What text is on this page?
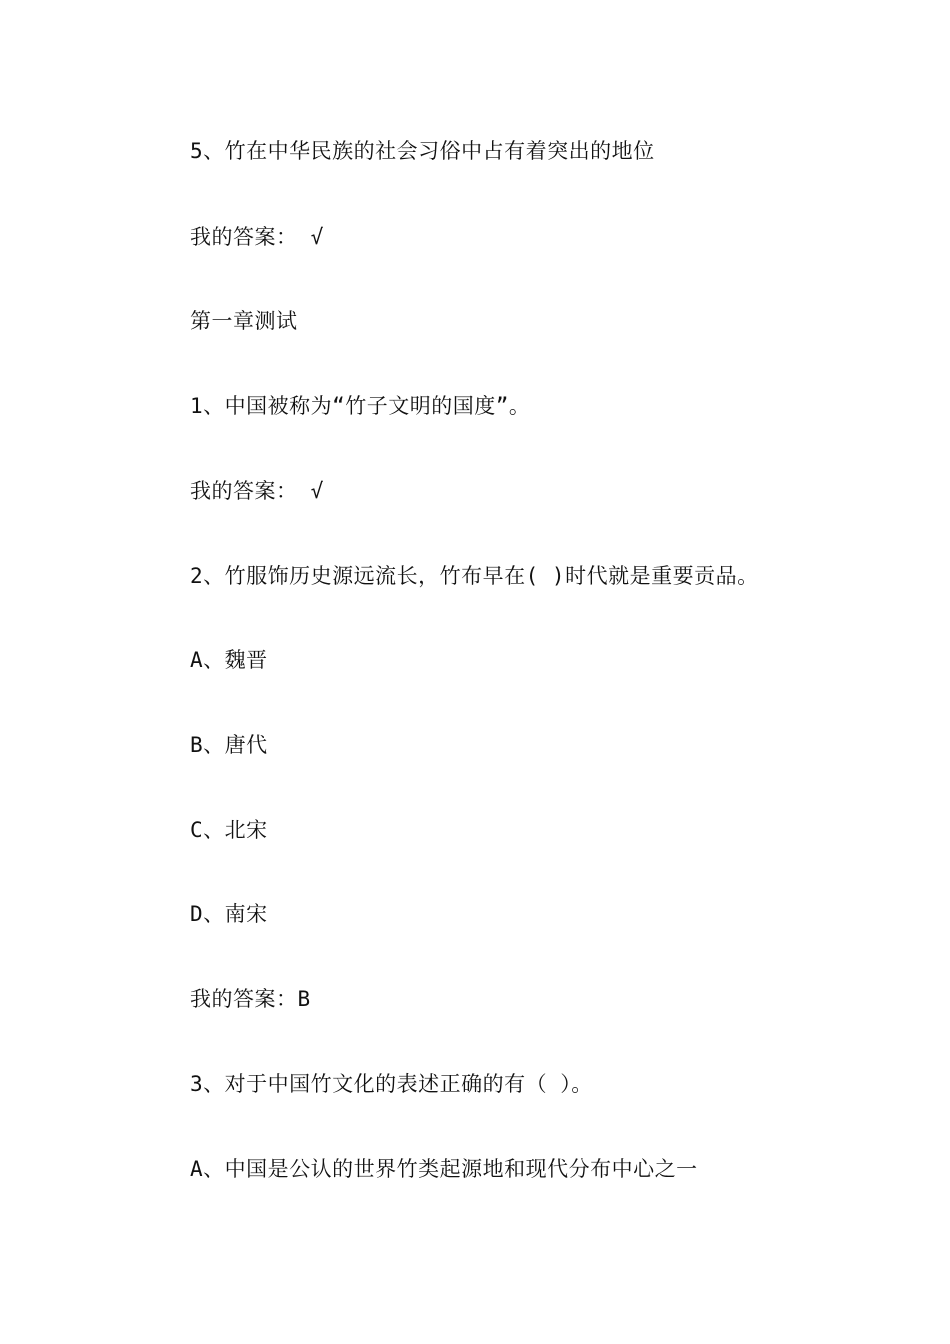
5、竹在中华民族的社会习俗中占有着突出的地位
我的答案： √
第一章测试
1、中国被称为“竹子文明的国度”。
我的答案： √
2、竹服饰历史源远流长，竹布早在( )时代就是重要贡品。
A、魏晋
B、唐代
C、北宋
D、南宋
我的答案：B
3、对于中国竹文化的表述正确的有（ ）。
A、中国是公认的世界竹类起源地和现代分布中心之一
